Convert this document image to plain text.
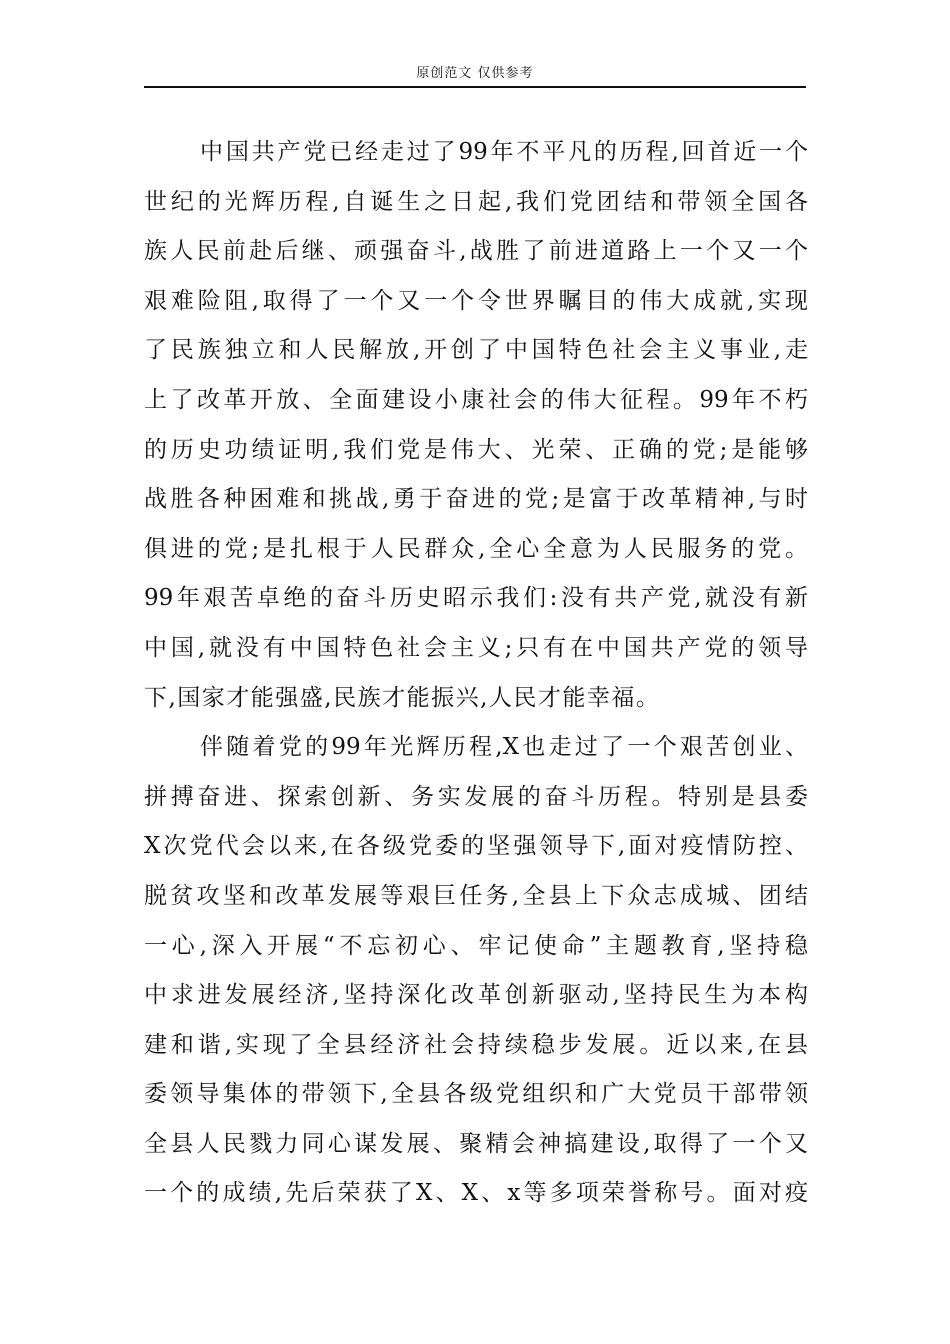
原创范文 仅供参考
中国共产党已经走过了99年不平凡的历程,回首近一个
世纪的光辉历程,自诞生之日起,我们党团结和带领全国各
族人民前赴后继、顽强奋斗,战胜了前进道路上一个又一个
艰难险阻,取得了一个又一个令世界瞩目的伟大成就,实现
了民族独立和人民解放,开创了中国特色社会主义事业,走
上了改革开放、全面建设小康社会的伟大征程。99年不朽
的历史功绩证明,我们党是伟大、光荣、正确的党;是能够
战胜各种困难和挑战,勇于奋进的党;是富于改革精神,与时
俱进的党;是扎根于人民群众,全心全意为人民服务的党。
99年艰苦卓绝的奋斗历史昭示我们:没有共产党,就没有新
中国,就没有中国特色社会主义;只有在中国共产党的领导
下,国家才能强盛,民族才能振兴,人民才能幸福。
伴随着党的99年光辉历程,X也走过了一个艰苦创业、
拼搏奋进、探索创新、务实发展的奋斗历程。特别是县委
X次党代会以来,在各级党委的坚强领导下,面对疫情防控、
脱贫攻坚和改革发展等艰巨任务,全县上下众志成城、团结
一心,深入开展“不忘初心、牢记使命”主题教育,坚持稳
中求进发展经济,坚持深化改革创新驱动,坚持民生为本构
建和谐,实现了全县经济社会持续稳步发展。近以来,在县
委领导集体的带领下,全县各级党组织和广大党员干部带领
全县人民戮力同心谋发展、聚精会神搞建设,取得了一个又
一个的成绩,先后荣获了X、X、x等多项荣誉称号。面对疫
